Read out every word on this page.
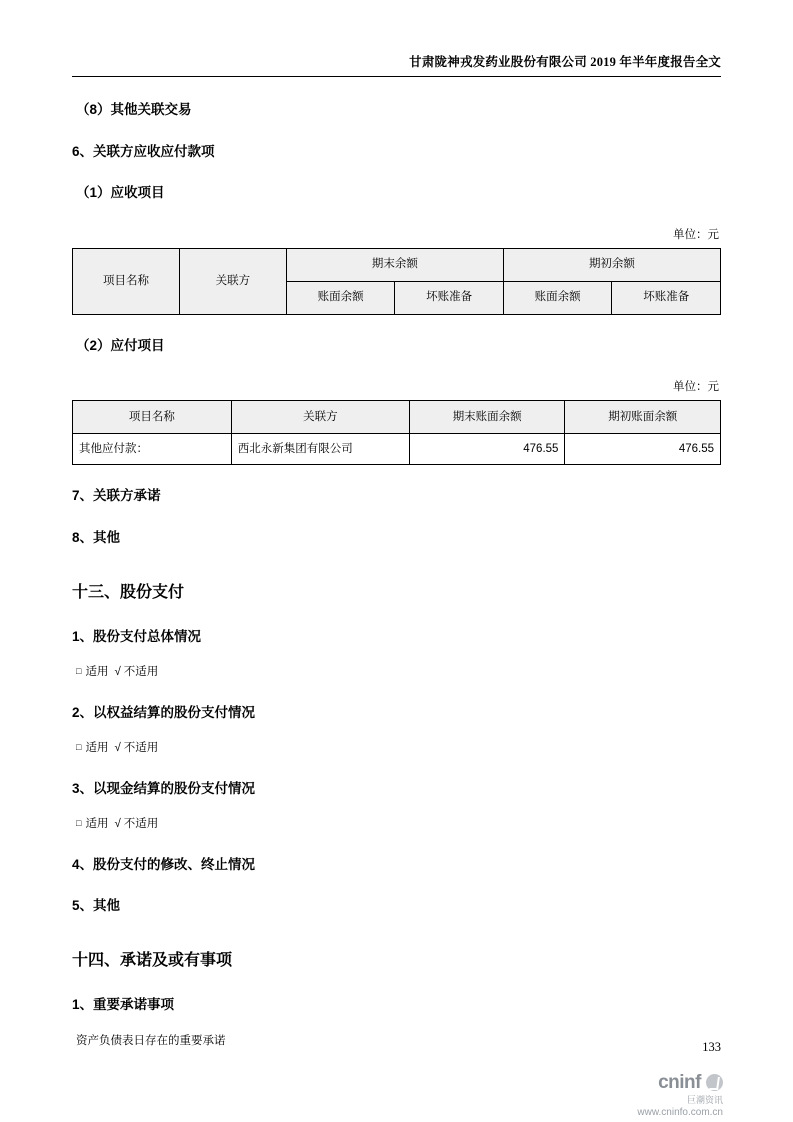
甘肃陇神戎发药业股份有限公司 2019 年半年度报告全文
（8）其他关联交易
6、关联方应收应付款项
（1）应收项目
单位：元
项目名称	关联方	期末余额		期初余额	
		账面余额	坏账准备	账面余额	坏账准备
（2）应付项目
单位：元
项目名称	关联方	期末账面余额	期初账面余额
其他应付款：	西北永新集团有限公司	476.55	476.55
7、关联方承诺
8、其他
十三、股份支付
1、股份支付总体情况
□ 适用 √ 不适用
2、以权益结算的股份支付情况
□ 适用 √ 不适用
3、以现金结算的股份支付情况
□ 适用 √ 不适用
4、股份支付的修改、终止情况
5、其他
十四、承诺及或有事项
1、重要承诺事项
资产负债表日存在的重要承诺	133
cninf
巨潮资讯
www.cninfo.com.cn
